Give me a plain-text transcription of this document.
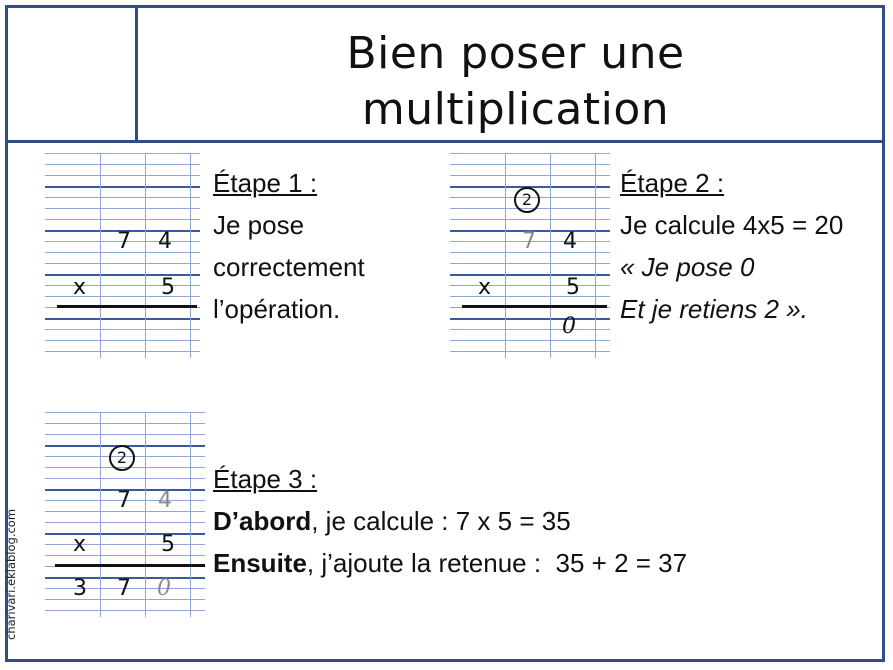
Bien poser une
multiplication
charivari.eklablog.com
7 4
x	5
Étape 1 :
Je pose
correctement
l’opération.
2
7 4
x	5
0
Étape 2 :
Je calcule 4x5 = 20
« Je pose 0
Et je retiens 2 ».
2
7 4
x	5
3 7 0
Étape 3 :
D’abord, je calcule : 7 x 5 = 35
Ensuite, j’ajoute la retenue :  35 + 2 = 37
